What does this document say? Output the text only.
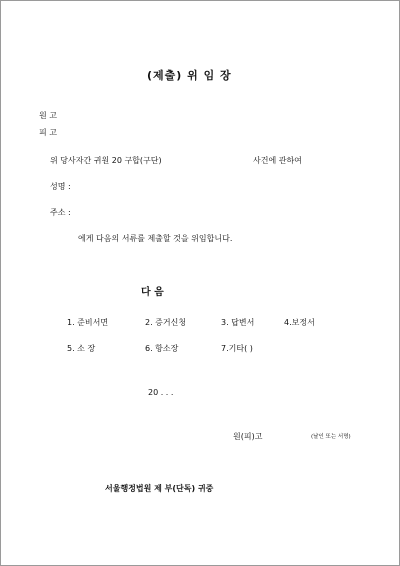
(제출) 위 임 장
원 고
피 고
위 당사자간 귀원 20 구합(구단)	사건에 관하여
성명 :
주소 :
에게 다음의 서류를 제출할 것을 위임합니다.
다 음
1. 준비서면	2. 증거신청	3. 답변서	4.보정서
5. 소 장	6. 항소장	7.기타( )
20 . . .
원(피)고	(날인 또는 서명)
서울행정법원 제 부(단독) 귀중
